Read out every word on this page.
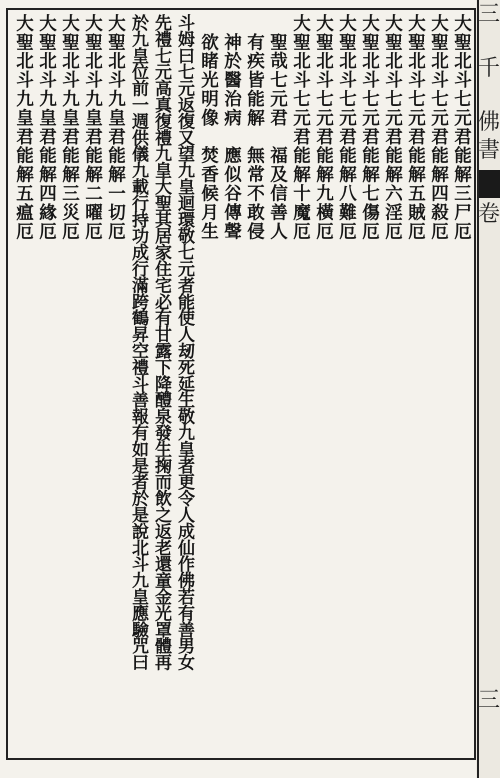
三
千
佛
書
卷
三
大聖北斗七元君能解三尸厄
大聖北斗七元君能解四殺厄
大聖北斗七元君能解五賊厄
大聖北斗七元君能解六淫厄
大聖北斗七元君能解七傷厄
大聖北斗七元君能解八難厄
大聖北斗七元君能解九橫厄
大聖北斗七元君能解十魔厄
　聖哉七元君　福及信善人
　有疾皆能解　無常不敢侵
　神於醫治病　應似谷傳聲
　欲睹光明像　焚香候月生
斗姆曰七元返復又望九皇迴環敬七元者能使人刼死延生敬九皇者更令人成仙作佛若有善男女
先禮七元高真復禮九皇大聖其居家住宅必有甘露下降醴泉發生掬而飲之返老還童金光罩體再
於九皇位前一週供儀九載行持功成行滿跨鶴昇空禮斗善報有如是者於是說北斗九皇應驗咒曰
大聖北斗九皇君能解一切厄
大聖北斗九皇君能解二曜厄
大聖北斗九皇君能解三災厄
大聖北斗九皇君能解四緣厄
大聖北斗九皇君能解五瘟厄
